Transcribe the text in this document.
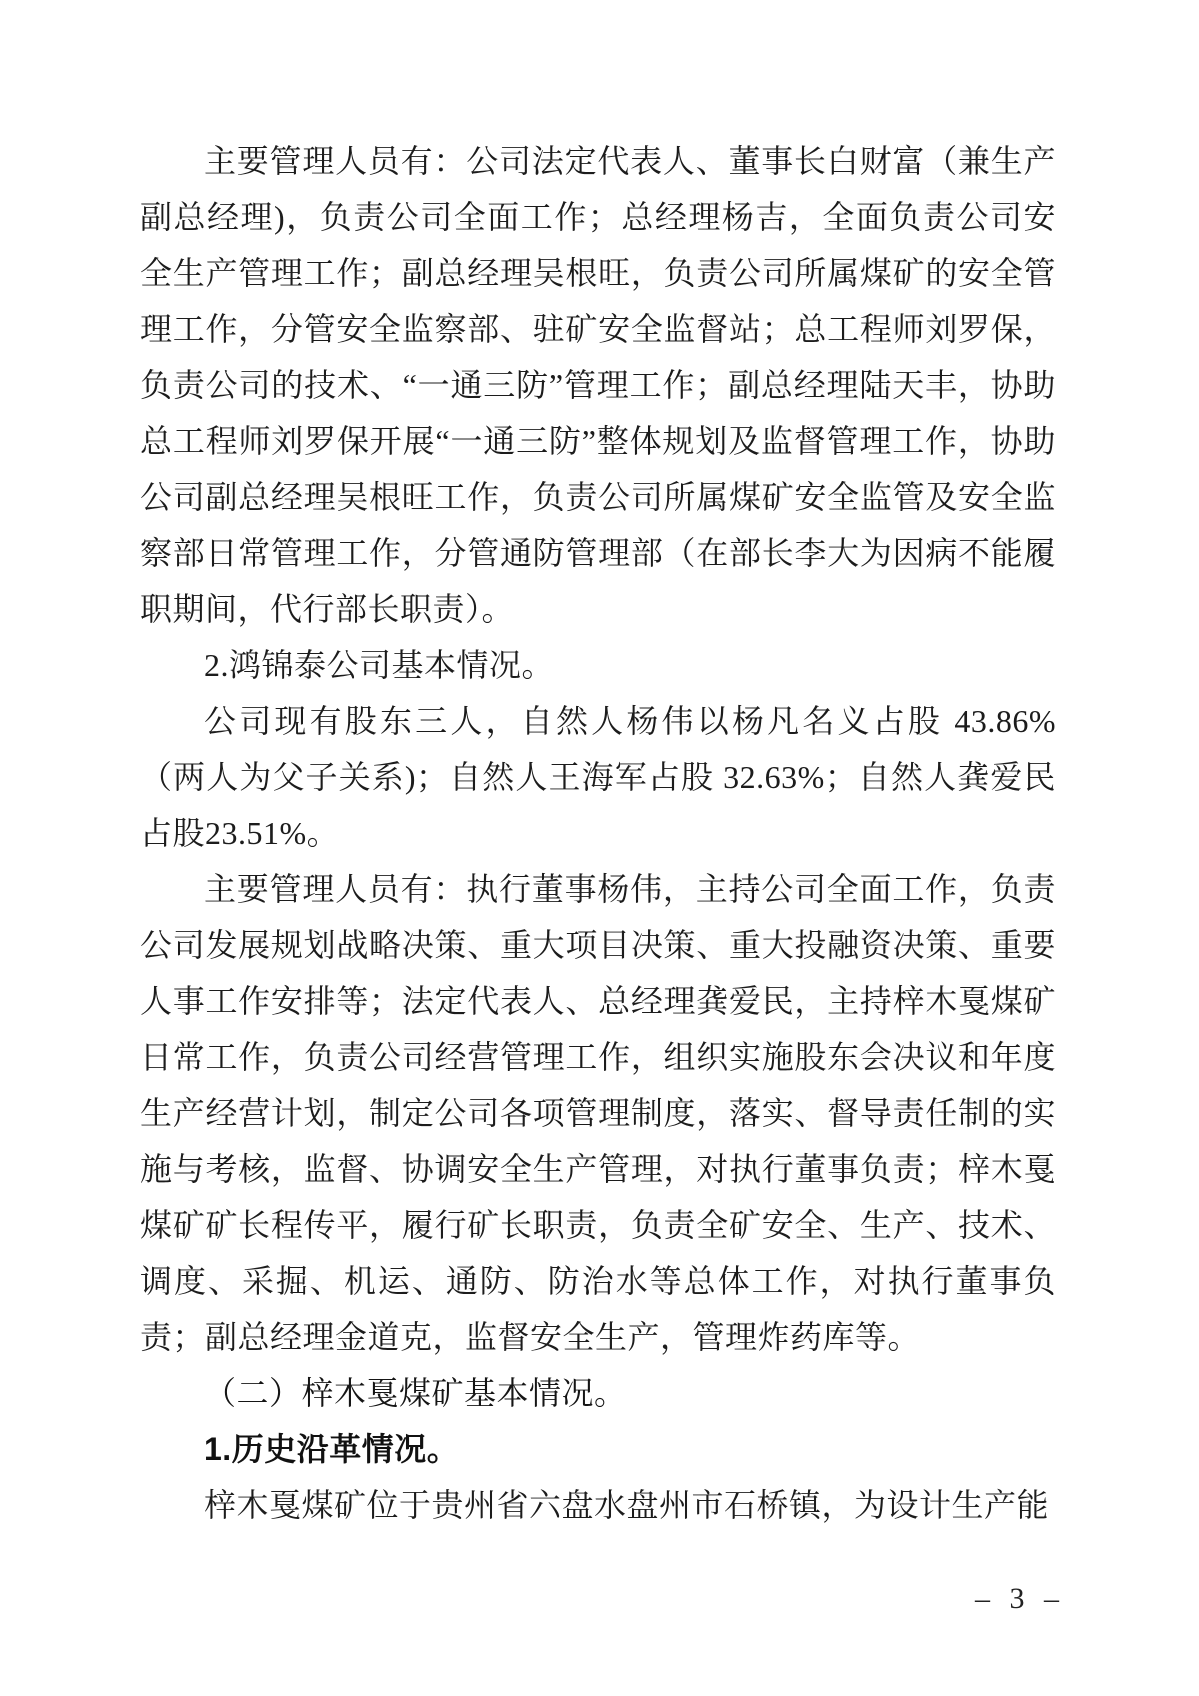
主要管理人员有：公司法定代表人、董事长白财富（兼生产副总经理)，负责公司全面工作；总经理杨吉，全面负责公司安全生产管理工作；副总经理吴根旺，负责公司所属煤矿的安全管理工作，分管安全监察部、驻矿安全监督站；总工程师刘罗保，负责公司的技术、“一通三防”管理工作；副总经理陆天丰，协助总工程师刘罗保开展“一通三防”整体规划及监督管理工作，协助公司副总经理吴根旺工作，负责公司所属煤矿安全监管及安全监察部日常管理工作，分管通防管理部（在部长李大为因病不能履职期间，代行部长职责）。

2.鸿锦泰公司基本情况。

公司现有股东三人，自然人杨伟以杨凡名义占股 43.86%（两人为父子关系)；自然人王海军占股 32.63%；自然人龚爱民占股23.51%。

主要管理人员有：执行董事杨伟，主持公司全面工作，负责公司发展规划战略决策、重大项目决策、重大投融资决策、重要人事工作安排等；法定代表人、总经理龚爱民，主持梓木戛煤矿日常工作，负责公司经营管理工作，组织实施股东会决议和年度生产经营计划，制定公司各项管理制度，落实、督导责任制的实施与考核，监督、协调安全生产管理，对执行董事负责；梓木戛煤矿矿长程传平，履行矿长职责，负责全矿安全、生产、技术、调度、采掘、机运、通防、防治水等总体工作，对执行董事负责；副总经理金道克，监督安全生产，管理炸药库等。

（二）梓木戛煤矿基本情况。

1.历史沿革情况。

梓木戛煤矿位于贵州省六盘水盘州市石桥镇，为设计生产能

– 3 –
